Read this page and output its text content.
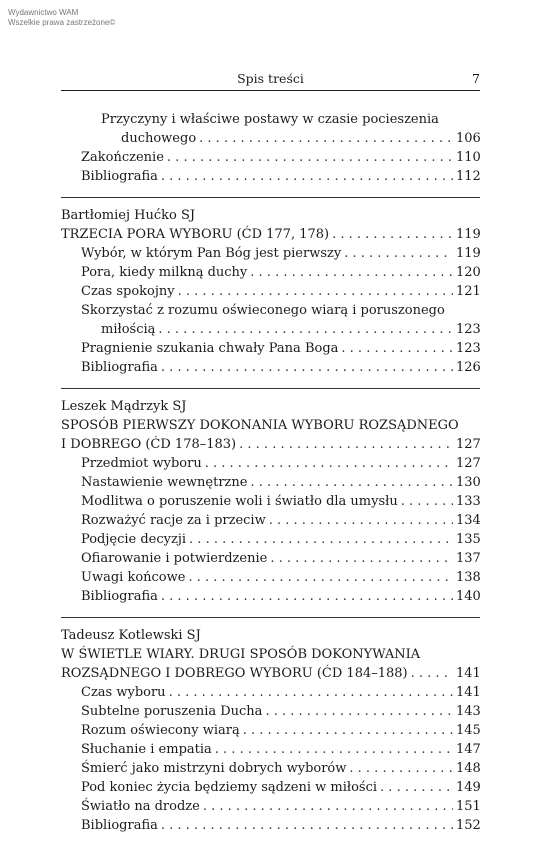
Wydawnictwo WAM
Wszelkie prawa zastrzeżone©
Spis treści	7
Przyczyny i właściwe postawy w czasie pocieszenia
duchowego . . .	106
Zakończenie . . .	110
Bibliografia . . .	112
Bartłomiej Hućko SJ
TRZECIA PORA WYBORU (ĆD 177, 178) . . .	119
Wybór, w którym Pan Bóg jest pierwszy . . .	119
Pora, kiedy milkną duchy . . .	120
Czas spokojny . . .	121
Skorzystać z rozumu oświeconego wiarą i poruszonego
miłością . . .	123
Pragnienie szukania chwały Pana Boga . . .	123
Bibliografia . . .	126
Leszek Mądrzyk SJ
SPOSÓB PIERWSZY DOKONANIA WYBORU ROZSĄDNEGO
I DOBREGO (ĆD 178–183) . . .	127
Przedmiot wyboru . . .	127
Nastawienie wewnętrzne . . .	130
Modlitwa o poruszenie woli i światło dla umysłu . . .	133
Rozważyć racje za i przeciw . . .	134
Podjęcie decyzji . . .	135
Ofiarowanie i potwierdzenie . . .	137
Uwagi końcowe . . .	138
Bibliografia . . .	140
Tadeusz Kotlewski SJ
W ŚWIETLE WIARY. DRUGI SPOSÓB DOKONYWANIA
ROZSĄDNEGO I DOBREGO WYBORU (ĆD 184–188) . . .	141
Czas wyboru . . .	141
Subtelne poruszenia Ducha . . .	143
Rozum oświecony wiarą . . .	145
Słuchanie i empatia . . .	147
Śmierć jako mistrzyni dobrych wyborów . . .	148
Pod koniec życia będziemy sądzeni w miłości . . .	149
Światło na drodze . . .	151
Bibliografia . . .	152
